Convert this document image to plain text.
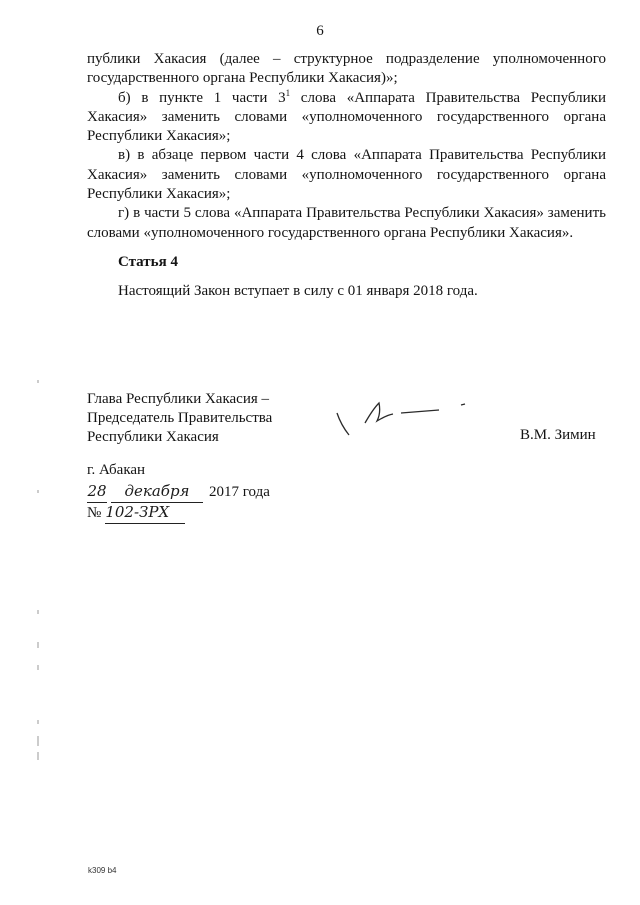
6

публики Хакасия (далее – структурное подразделение уполномоченного государственного органа Республики Хакасия)»;

б) в пункте 1 части $3^1$ слова «Аппарата Правительства Республики Хакасия» заменить словами «уполномоченного государственного органа Республики Хакасия»;

в) в абзаце первом части 4 слова «Аппарата Правительства Республики Хакасия» заменить словами «уполномоченного государственного органа Республики Хакасия»;

г) в части 5 слова «Аппарата Правительства Республики Хакасия» заменить словами «уполномоченного государственного органа Республики Хакасия».

Статья 4
Настоящий Закон вступает в силу с 01 января 2018 года.
Глава Республики Хакасия –
Председатель Правительства
Республики Хакасия	В.М. Зимин
г. Абакан
28 декабря 2017 года
№ 102-ЗРХ
k309 b4
